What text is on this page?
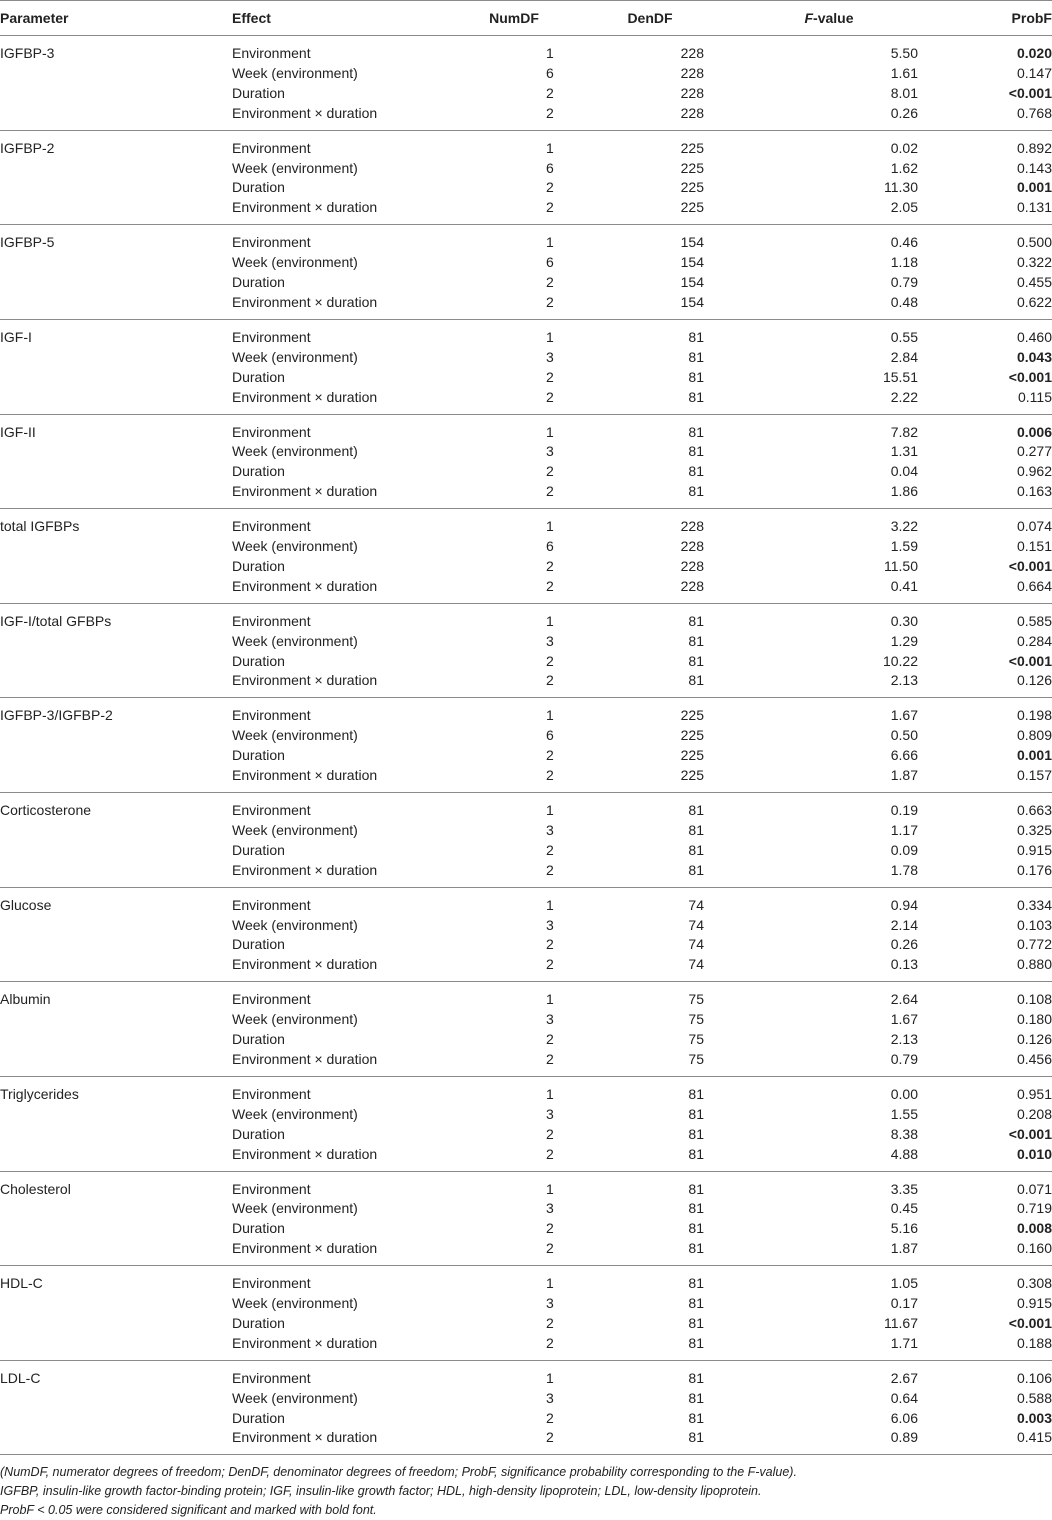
Parameter	Effect	NumDF	DenDF	F-value	ProbF
IGFBP-3	Environment	1	228	5.50	0.020
	Week (environment)	6	228	1.61	0.147
	Duration	2	228	8.01	<0.001
	Environment × duration	2	228	0.26	0.768
IGFBP-2	Environment	1	225	0.02	0.892
	Week (environment)	6	225	1.62	0.143
	Duration	2	225	11.30	0.001
	Environment × duration	2	225	2.05	0.131
IGFBP-5	Environment	1	154	0.46	0.500
	Week (environment)	6	154	1.18	0.322
	Duration	2	154	0.79	0.455
	Environment × duration	2	154	0.48	0.622
IGF-I	Environment	1	81	0.55	0.460
	Week (environment)	3	81	2.84	0.043
	Duration	2	81	15.51	<0.001
	Environment × duration	2	81	2.22	0.115
IGF-II	Environment	1	81	7.82	0.006
	Week (environment)	3	81	1.31	0.277
	Duration	2	81	0.04	0.962
	Environment × duration	2	81	1.86	0.163
total IGFBPs	Environment	1	228	3.22	0.074
	Week (environment)	6	228	1.59	0.151
	Duration	2	228	11.50	<0.001
	Environment × duration	2	228	0.41	0.664
IGF-I/total GFBPs	Environment	1	81	0.30	0.585
	Week (environment)	3	81	1.29	0.284
	Duration	2	81	10.22	<0.001
	Environment × duration	2	81	2.13	0.126
IGFBP-3/IGFBP-2	Environment	1	225	1.67	0.198
	Week (environment)	6	225	0.50	0.809
	Duration	2	225	6.66	0.001
	Environment × duration	2	225	1.87	0.157
Corticosterone	Environment	1	81	0.19	0.663
	Week (environment)	3	81	1.17	0.325
	Duration	2	81	0.09	0.915
	Environment × duration	2	81	1.78	0.176
Glucose	Environment	1	74	0.94	0.334
	Week (environment)	3	74	2.14	0.103
	Duration	2	74	0.26	0.772
	Environment × duration	2	74	0.13	0.880
Albumin	Environment	1	75	2.64	0.108
	Week (environment)	3	75	1.67	0.180
	Duration	2	75	2.13	0.126
	Environment × duration	2	75	0.79	0.456
Triglycerides	Environment	1	81	0.00	0.951
	Week (environment)	3	81	1.55	0.208
	Duration	2	81	8.38	<0.001
	Environment × duration	2	81	4.88	0.010
Cholesterol	Environment	1	81	3.35	0.071
	Week (environment)	3	81	0.45	0.719
	Duration	2	81	5.16	0.008
	Environment × duration	2	81	1.87	0.160
HDL-C	Environment	1	81	1.05	0.308
	Week (environment)	3	81	0.17	0.915
	Duration	2	81	11.67	<0.001
	Environment × duration	2	81	1.71	0.188
LDL-C	Environment	1	81	2.67	0.106
	Week (environment)	3	81	0.64	0.588
	Duration	2	81	6.06	0.003
	Environment × duration	2	81	0.89	0.415
(NumDF, numerator degrees of freedom; DenDF, denominator degrees of freedom; ProbF, significance probability corresponding to the F-value).
IGFBP, insulin-like growth factor-binding protein; IGF, insulin-like growth factor; HDL, high-density lipoprotein; LDL, low-density lipoprotein.
ProbF < 0.05 were considered significant and marked with bold font.
